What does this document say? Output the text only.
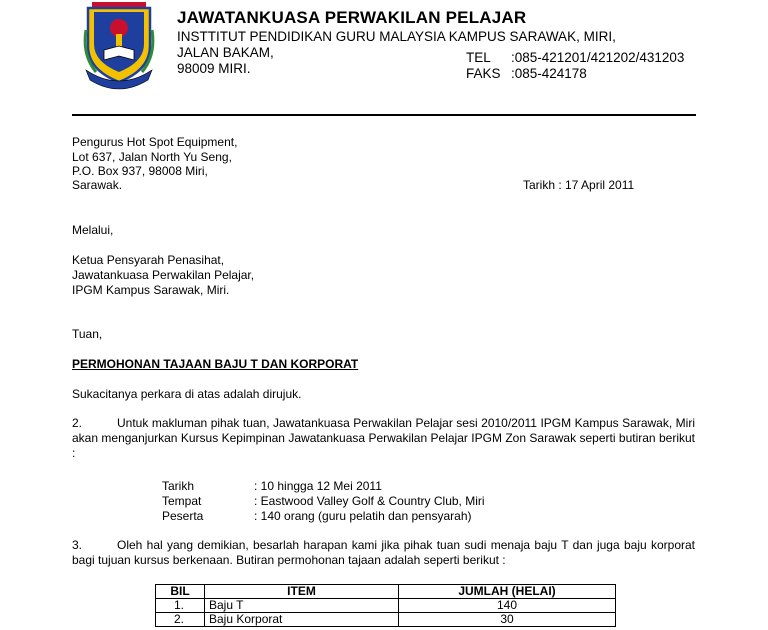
JAWATANKUASA PERWAKILAN PELAJAR
INSTTITUT PENDIDIKAN GURU MALAYSIA KAMPUS SARAWAK, MIRI,
JALAN BAKAM,
98009 MIRI.
TEL :085-421201/421202/431203
FAKS :085-424178
Pengurus Hot Spot Equipment,
Lot 637, Jalan North Yu Seng,
P.O. Box 937, 98008 Miri,
Sarawak.	Tarikh : 17 April 2011
Melalui,
Ketua Pensyarah Penasihat,
Jawatankuasa Perwakilan Pelajar,
IPGM Kampus Sarawak, Miri.
Tuan,
PERMOHONAN TAJAAN BAJU T DAN KORPORAT
Sukacitanya perkara di atas adalah dirujuk.
2.	Untuk makluman pihak tuan, Jawatankuasa Perwakilan Pelajar sesi 2010/2011 IPGM Kampus Sarawak, Miri akan menganjurkan Kursus Kepimpinan Jawatankuasa Perwakilan Pelajar IPGM Zon Sarawak seperti butiran berikut :
Tarikh	: 10 hingga 12 Mei 2011
Tempat	: Eastwood Valley Golf & Country Club, Miri
Peserta	: 140 orang (guru pelatih dan pensyarah)
3.	Oleh hal yang demikian, besarlah harapan kami jika pihak tuan sudi menaja baju T dan juga baju korporat bagi tujuan kursus berkenaan. Butiran permohonan tajaan adalah seperti berikut :
BIL	ITEM	JUMLAH (HELAI)
1.	Baju T	140
2.	Baju Korporat	30
